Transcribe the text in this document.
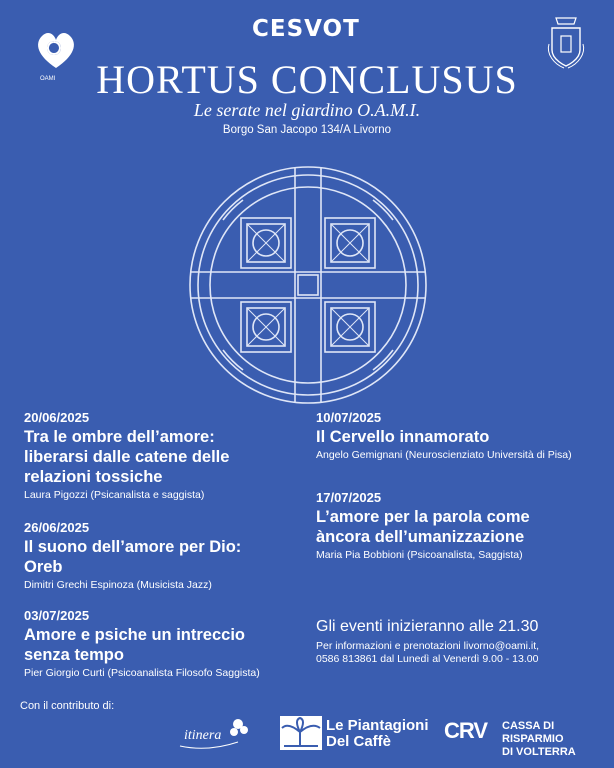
OAMI
CESVOT
HORTUS CONCLUSUS
Le serate nel giardino O.A.M.I.
Borgo San Jacopo 134/A Livorno
20/06/2025
Tra le ombre dell’amore:
liberarsi dalle catene delle
relazioni tossiche
Laura Pigozzi (Psicanalista e saggista)
26/06/2025
Il suono dell’amore per Dio:
Oreb
Dimitri Grechi Espinoza (Musicista Jazz)
03/07/2025
Amore e psiche un intreccio
senza tempo
Pier Giorgio Curti (Psicoanalista Filosofo Saggista)
10/07/2025
Il Cervello innamorato
Angelo Gemignani (Neuroscienziato Università di Pisa)
17/07/2025
L’amore per la parola come
àncora dell’umanizzazione
Maria Pia Bobbioni (Psicoanalista, Saggista)
Gli eventi inizieranno alle 21.30
Per informazioni e prenotazioni livorno@oami.it,
0586 813861 dal Lunedì al Venerdì 9.00 - 13.00
Con il contributo di:
itinera
Le Piantagioni
Del Caffè	CRV CASSA DI RISPARMIO
DI VOLTERRA
